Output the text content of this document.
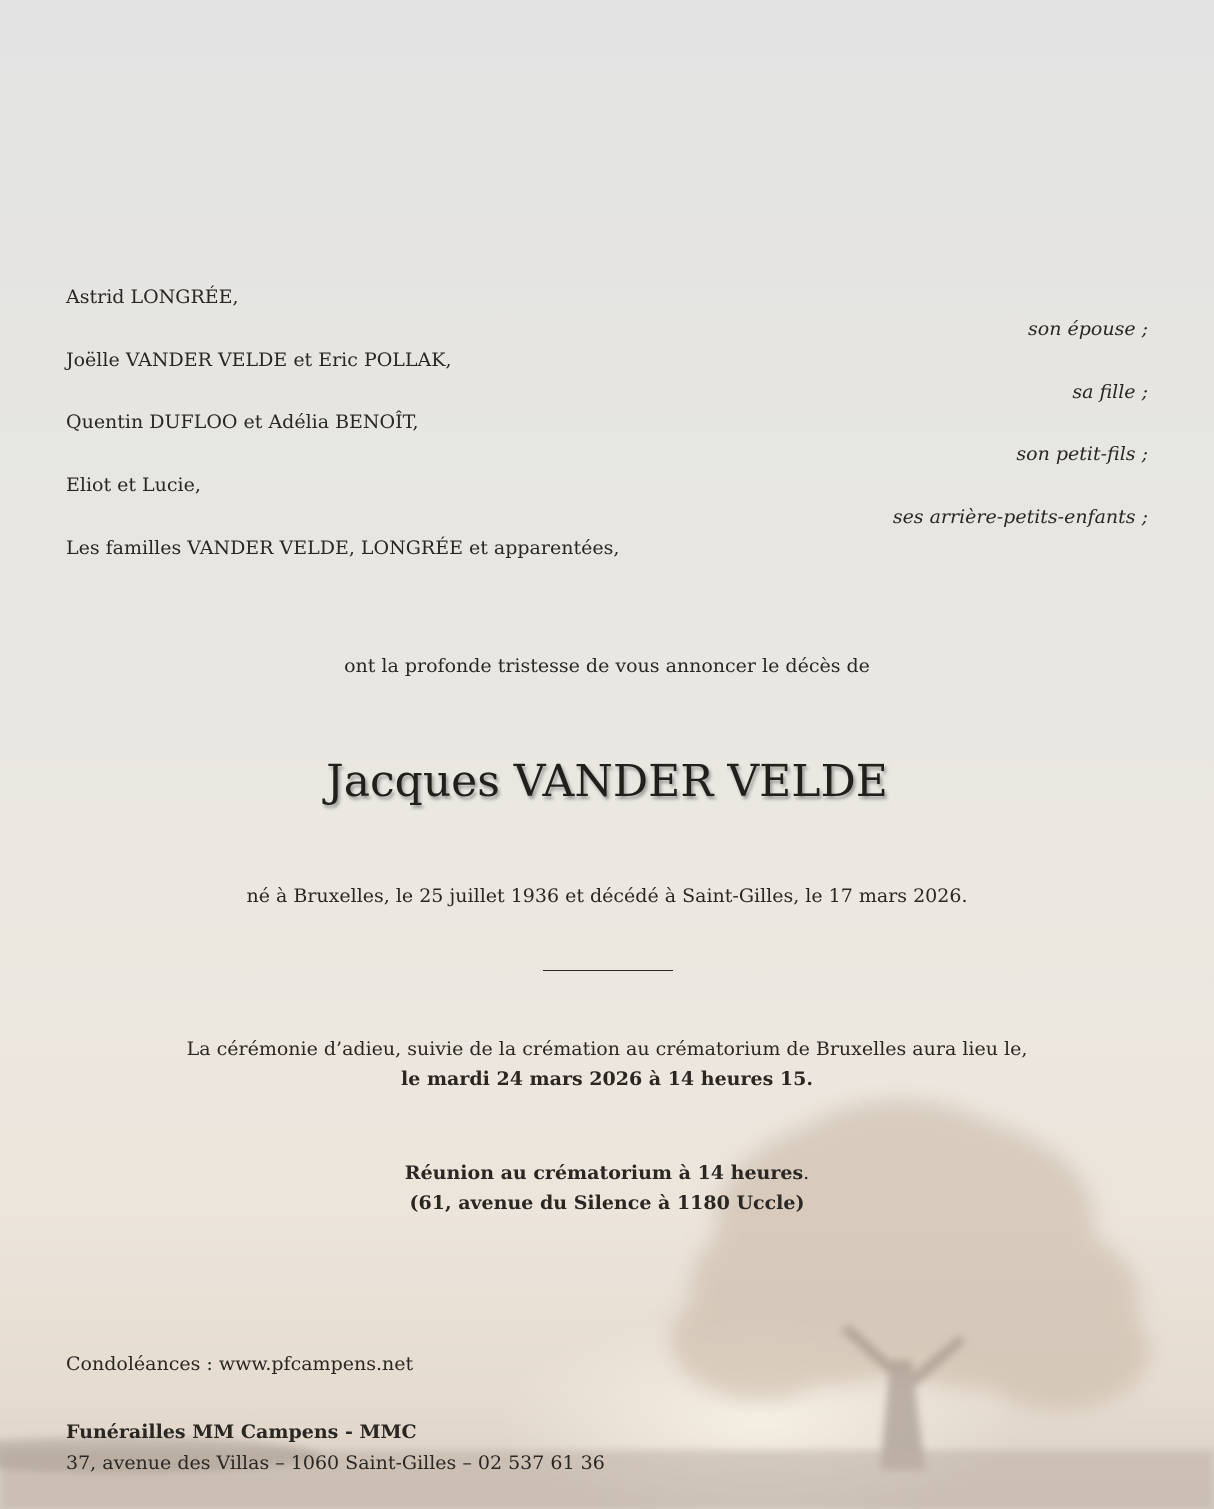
Astrid LONGRÉE,
son épouse ;
Joëlle VANDER VELDE et Eric POLLAK,
sa fille ;
Quentin DUFLOO et Adélia BENOÎT,
son petit-fils ;
Eliot et Lucie,
ses arrière-petits-enfants ;
Les familles VANDER VELDE, LONGRÉE et apparentées,
ont la profonde tristesse de vous annoncer le décès de
Jacques VANDER VELDE
né à Bruxelles, le 25 juillet 1936 et décédé à Saint-Gilles, le 17 mars 2026.
La cérémonie d’adieu, suivie de la crémation au crématorium de Bruxelles aura lieu le,
le mardi 24 mars 2026 à 14 heures 15.
Réunion au crématorium à 14 heures.
(61, avenue du Silence à 1180 Uccle)
Condoléances : www.pfcampens.net
Funérailles MM Campens - MMC
37, avenue des Villas – 1060 Saint-Gilles – 02 537 61 36
